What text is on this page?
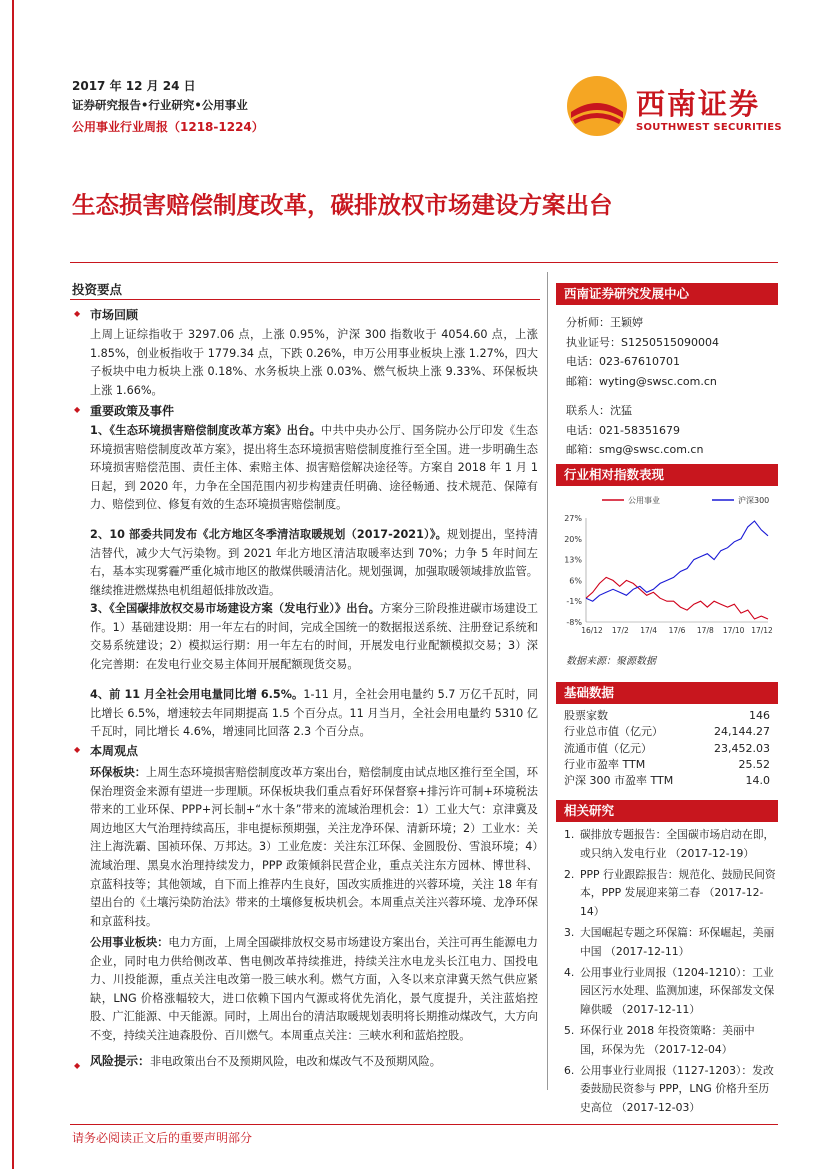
2017 年 12 月 24 日
证券研究报告•行业研究•公用事业
公用事业行业周报（1218-1224）
西南证券
SOUTHWEST SECURITIES
生态损害赔偿制度改革，碳排放权市场建设方案出台
投资要点
◆ 市场回顾
上周上证综指收于 3297.06 点，上涨 0.95%，沪深 300 指数收于 4054.60 点，上涨 1.85%，创业板指收于 1779.34 点，下跌 0.26%，申万公用事业板块上涨 1.27%，四大子板块中电力板块上涨 0.18%、水务板块上涨 0.03%、燃气板块上涨 9.33%、环保板块上涨 1.66%。
◆ 重要政策及事件
1、《生态环境损害赔偿制度改革方案》出台。中共中央办公厅、国务院办公厅印发《生态环境损害赔偿制度改革方案》，提出将生态环境损害赔偿制度推行至全国。进一步明确生态环境损害赔偿范围、责任主体、索赔主体、损害赔偿解决途径等。方案自 2018 年 1 月 1 日起，到 2020 年，力争在全国范围内初步构建责任明确、途径畅通、技术规范、保障有力、赔偿到位、修复有效的生态环境损害赔偿制度。
2、10 部委共同发布《北方地区冬季清洁取暖规划（2017-2021）》。规划提出，坚持清洁替代，减少大气污染物。到 2021 年北方地区清洁取暖率达到 70%；力争 5 年时间左右，基本实现雾霾严重化城市地区的散煤供暖清洁化。规划强调，加强取暖领域排放监管。继续推进燃煤热电机组超低排放改造。
3、《全国碳排放权交易市场建设方案（发电行业）》出台。方案分三阶段推进碳市场建设工作。1）基础建设期：用一年左右的时间，完成全国统一的数据报送系统、注册登记系统和交易系统建设；2）模拟运行期：用一年左右的时间，开展发电行业配额模拟交易；3）深化完善期：在发电行业交易主体间开展配额现货交易。
4、前 11 月全社会用电量同比增 6.5%。1-11 月，全社会用电量约 5.7 万亿千瓦时，同比增长 6.5%，增速较去年同期提高 1.5 个百分点。11 月当月，全社会用电量约 5310 亿千瓦时，同比增长 4.6%，增速同比回落 2.3 个百分点。
◆ 本周观点
环保板块：上周生态环境损害赔偿制度改革方案出台，赔偿制度由试点地区推行至全国，环保治理资金来源有望进一步理顺。环保板块我们重点看好环保督察+排污许可制+环境税法带来的工业环保、PPP+河长制+“水十条”带来的流域治理机会：1）工业大气：京津冀及周边地区大气治理持续高压，非电提标预期强，关注龙净环保、清新环境；2）工业水：关注上海洗霸、国祯环保、万邦达。3）工业危废：关注东江环保、金圆股份、雪浪环境；4）流域治理、黑臭水治理持续发力，PPP 政策倾斜民营企业，重点关注东方园林、博世科、京蓝科技等；其他领域，自下而上推荐内生良好，国改实质推进的兴蓉环境，关注 18 年有望出台的《土壤污染防治法》带来的土壤修复板块机会。本周重点关注兴蓉环境、龙净环保和京蓝科技。
公用事业板块：电力方面，上周全国碳排放权交易市场建设方案出台，关注可再生能源电力企业，同时电力供给侧改革、售电侧改革持续推进，持续关注水电龙头长江电力、国投电力、川投能源，重点关注电改第一股三峡水利。燃气方面，入冬以来京津冀天然气供应紧缺，LNG 价格涨幅较大，进口依赖下国内气源或将优先消化，景气度提升，关注蓝焰控股、广汇能源、中天能源。同时，上周出台的清洁取暖规划表明将长期推动煤改气，大方向不变，持续关注迪森股份、百川燃气。本周重点关注：三峡水利和蓝焰控股。
◆ 风险提示：非电政策出台不及预期风险，电改和煤改气不及预期风险。
西南证券研究发展中心
分析师：王颖婷
执业证号：S1250515090004
电话：023-67610701
邮箱：wyting@swsc.com.cn
联系人：沈猛
电话：021-58351679
邮箱：smg@swsc.com.cn
行业相对指数表现
27%
20%
13%
6%
-1%
-8%
16/12 17/2 17/4 17/6 17/8 17/10 17/12
公用事业	沪深300
数据来源：聚源数据
基础数据
股票家数	146
行业总市值（亿元）	24,144.27
流通市值（亿元）	23,452.03
行业市盈率 TTM	25.52
沪深 300 市盈率 TTM	14.0
相关研究
1. 碳排放专题报告：全国碳市场启动在即，或只纳入发电行业 （2017-12-19）
2. PPP 行业跟踪报告：规范化、鼓励民间资本，PPP 发展迎来第二春 （2017-12-14）
3. 大国崛起专题之环保篇：环保崛起，美丽中国 （2017-12-11）
4. 公用事业行业周报（1204-1210）：工业园区污水处理、监测加速，环保部发文保障供暖 （2017-12-11）
5. 环保行业 2018 年投资策略：美丽中国，环保为先 （2017-12-04）
6. 公用事业行业周报（1127-1203）：发改委鼓励民资参与 PPP，LNG 价格升至历史高位 （2017-12-03）
请务必阅读正文后的重要声明部分
